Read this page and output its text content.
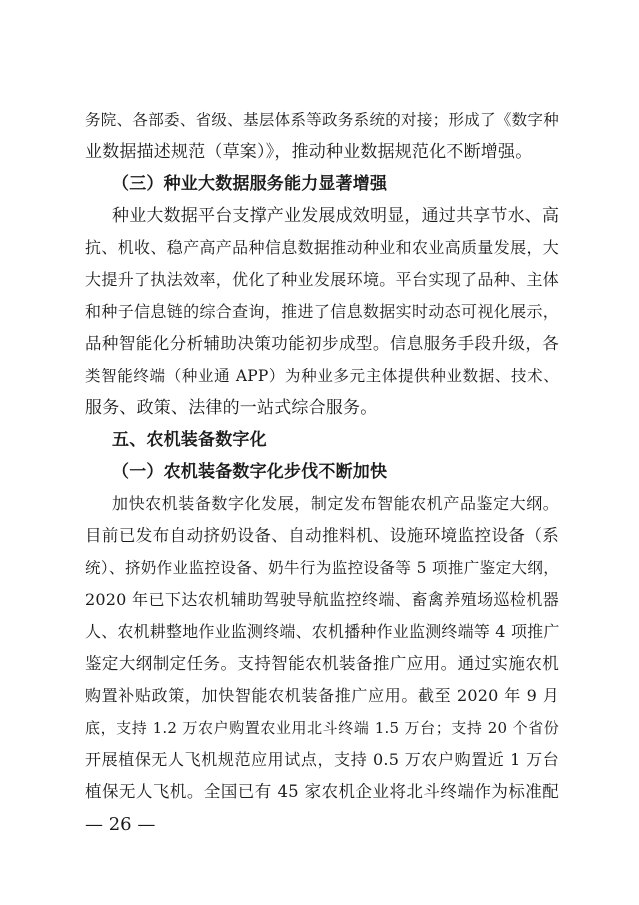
务院、各部委、省级、基层体系等政务系统的对接；形成了《数字种
业数据描述规范（草案）》，推动种业数据规范化不断增强。
（三）种业大数据服务能力显著增强
种业大数据平台支撑产业发展成效明显，通过共享节水、高
抗、机收、稳产高产品种信息数据推动种业和农业高质量发展，大
大提升了执法效率，优化了种业发展环境。平台实现了品种、主体
和种子信息链的综合查询，推进了信息数据实时动态可视化展示，
品种智能化分析辅助决策功能初步成型。信息服务手段升级，各
类智能终端（种业通 APP）为种业多元主体提供种业数据、技术、
服务、政策、法律的一站式综合服务。
五、农机装备数字化
（一）农机装备数字化步伐不断加快
加快农机装备数字化发展，制定发布智能农机产品鉴定大纲。
目前已发布自动挤奶设备、自动推料机、设施环境监控设备（系
统）、挤奶作业监控设备、奶牛行为监控设备等 5 项推广鉴定大纲，
2020 年已下达农机辅助驾驶导航监控终端、畜禽养殖场巡检机器
人、农机耕整地作业监测终端、农机播种作业监测终端等 4 项推广
鉴定大纲制定任务。支持智能农机装备推广应用。通过实施农机
购置补贴政策，加快智能农机装备推广应用。截至 2020 年 9 月
底，支持 1.2 万农户购置农业用北斗终端 1.5 万台；支持 20 个省份
开展植保无人飞机规范应用试点，支持 0.5 万农户购置近 1 万台
植保无人飞机。全国已有 45 家农机企业将北斗终端作为标准配
— 26 —
